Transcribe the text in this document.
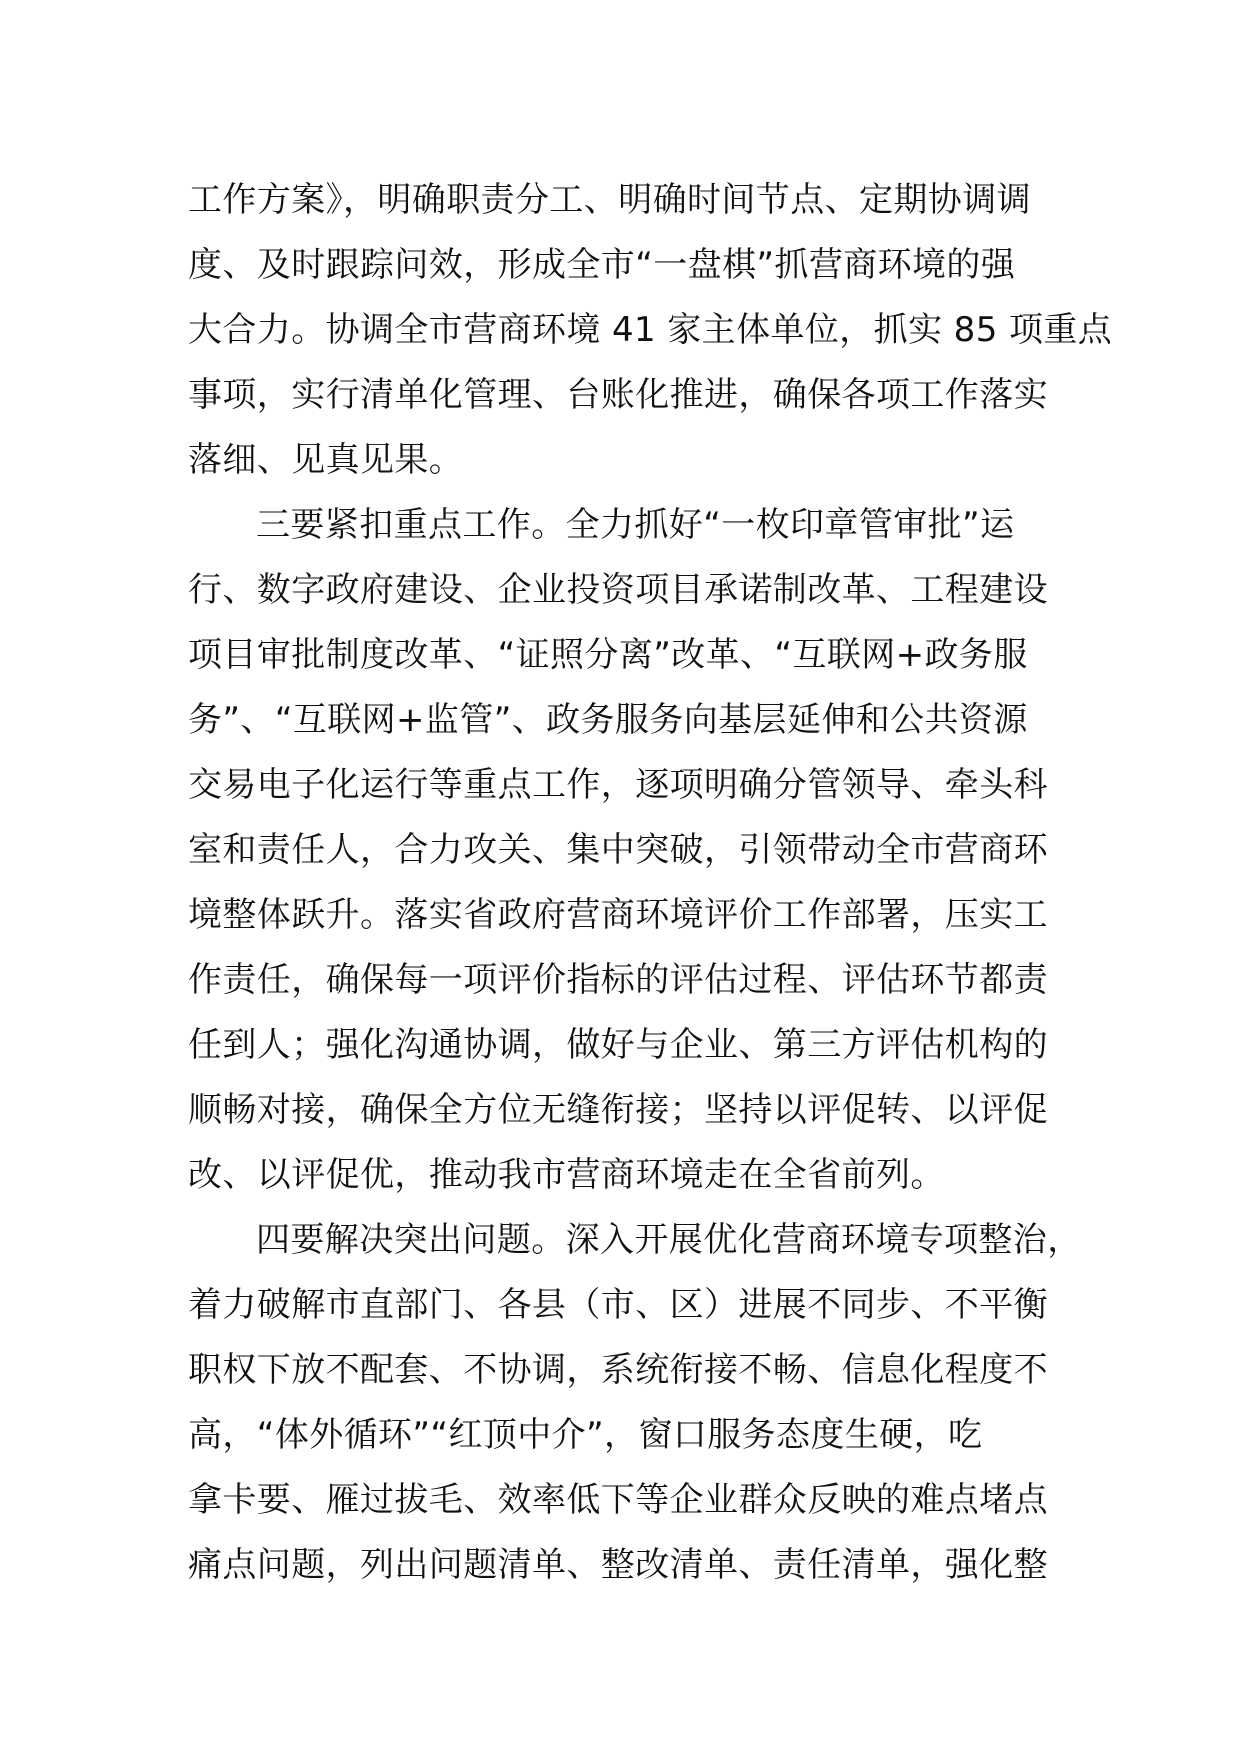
工作方案》，明确职责分工、明确时间节点、定期协调调
度、及时跟踪问效，形成全市“一盘棋”抓营商环境的强
大合力。协调全市营商环境 41 家主体单位，抓实 85 项重点
事项，实行清单化管理、台账化推进，确保各项工作落实
落细、见真见果。
三要紧扣重点工作。全力抓好“一枚印章管审批”运
行、数字政府建设、企业投资项目承诺制改革、工程建设
项目审批制度改革、“证照分离”改革、“互联网+政务服
务”、“互联网+监管”、政务服务向基层延伸和公共资源
交易电子化运行等重点工作，逐项明确分管领导、牵头科
室和责任人，合力攻关、集中突破，引领带动全市营商环
境整体跃升。落实省政府营商环境评价工作部署，压实工
作责任，确保每一项评价指标的评估过程、评估环节都责
任到人；强化沟通协调，做好与企业、第三方评估机构的
顺畅对接，确保全方位无缝衔接；坚持以评促转、以评促
改、以评促优，推动我市营商环境走在全省前列。
四要解决突出问题。深入开展优化营商环境专项整治，
着力破解市直部门、各县（市、区）进展不同步、不平衡
职权下放不配套、不协调，系统衔接不畅、信息化程度不
高，“体外循环”“红顶中介”，窗口服务态度生硬，吃
拿卡要、雁过拔毛、效率低下等企业群众反映的难点堵点
痛点问题，列出问题清单、整改清单、责任清单，强化整
